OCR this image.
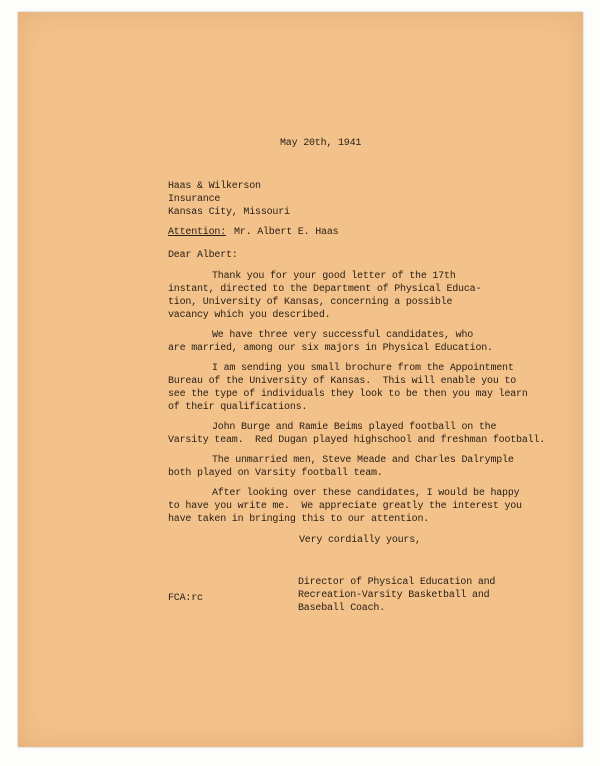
May 20th, 1941
Haas & Wilkerson
Insurance
Kansas City, Missouri
Attention: Mr. Albert E. Haas
Dear Albert:
Thank you for your good letter of the 17th
instant, directed to the Department of Physical Educa-
tion, University of Kansas, concerning a possible
vacancy which you described.
We have three very successful candidates, who
are married, among our six majors in Physical Education.
I am sending you small brochure from the Appointment
Bureau of the University of Kansas.  This will enable you to
see the type of individuals they look to be then you may learn
of their qualifications.
John Burge and Ramie Beims played football on the
Varsity team.  Red Dugan played highschool and freshman football.
The unmarried men, Steve Meade and Charles Dalrymple
both played on Varsity football team.
After looking over these candidates, I would be happy
to have you write me.  We appreciate greatly the interest you
have taken in bringing this to our attention.
Very cordially yours,
Director of Physical Education and
Recreation-Varsity Basketball and
Baseball Coach.
FCA:rc
